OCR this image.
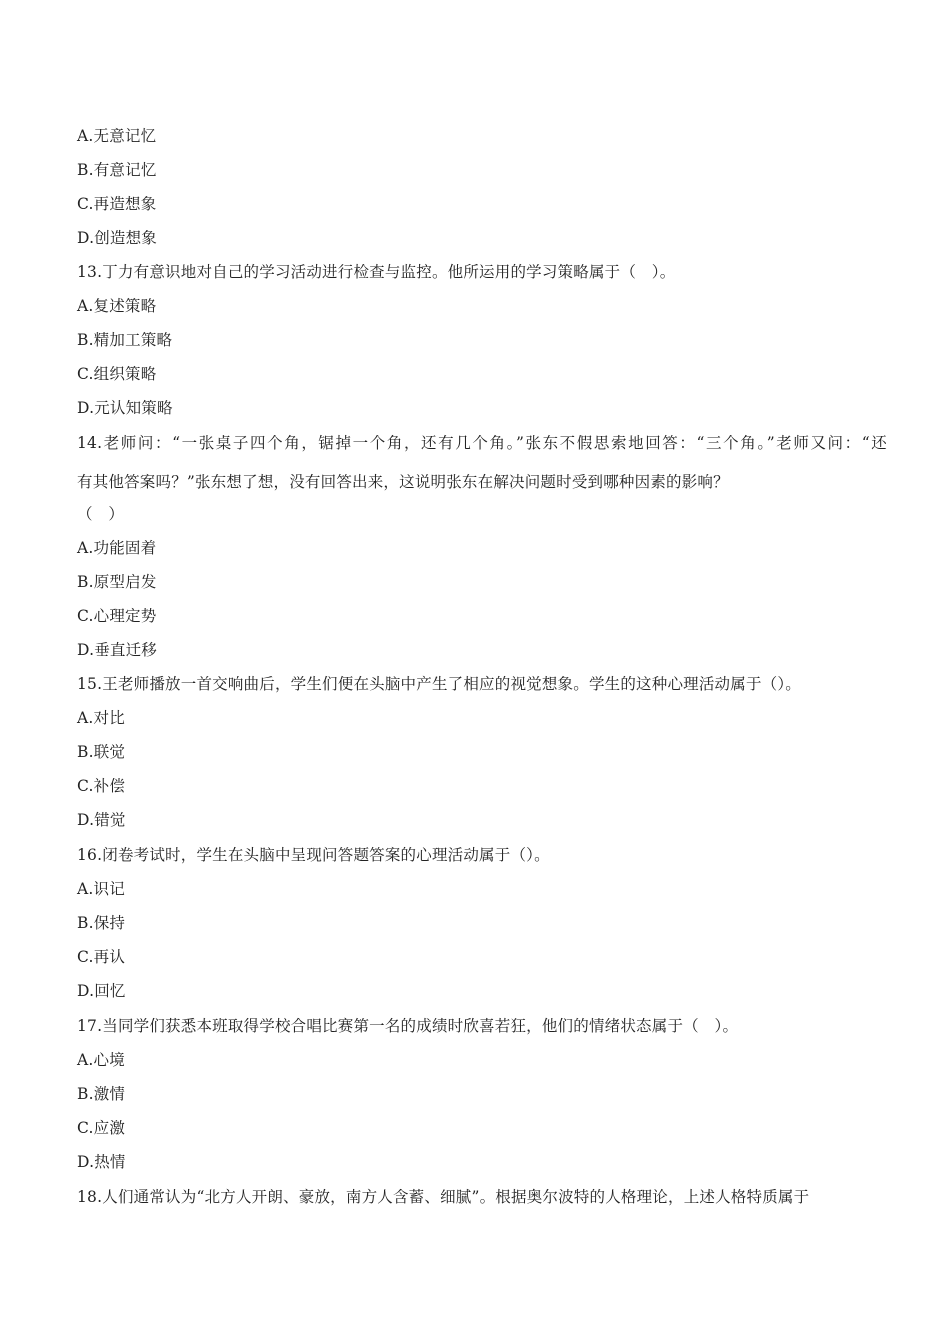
A.无意记忆
B.有意记忆
C.再造想象
D.创造想象
13.丁力有意识地对自己的学习活动进行检查与监控。他所运用的学习策略属于（　）。
A.复述策略
B.精加工策略
C.组织策略
D.元认知策略
14.老师问：“一张桌子四个角，锯掉一个角，还有几个角。”张东不假思索地回答：“三个角。”老师又问：“还
有其他答案吗？”张东想了想，没有回答出来，这说明张东在解决问题时受到哪种因素的影响？
（　）
A.功能固着
B.原型启发
C.心理定势
D.垂直迁移
15.王老师播放一首交响曲后，学生们便在头脑中产生了相应的视觉想象。学生的这种心理活动属于（）。
A.对比
B.联觉
C.补偿
D.错觉
16.闭卷考试时，学生在头脑中呈现问答题答案的心理活动属于（）。
A.识记
B.保持
C.再认
D.回忆
17.当同学们获悉本班取得学校合唱比赛第一名的成绩时欣喜若狂，他们的情绪状态属于（　）。
A.心境
B.激情
C.应激
D.热情
18.人们通常认为“北方人开朗、豪放，南方人含蓄、细腻”。根据奥尔波特的人格理论，上述人格特质属于
